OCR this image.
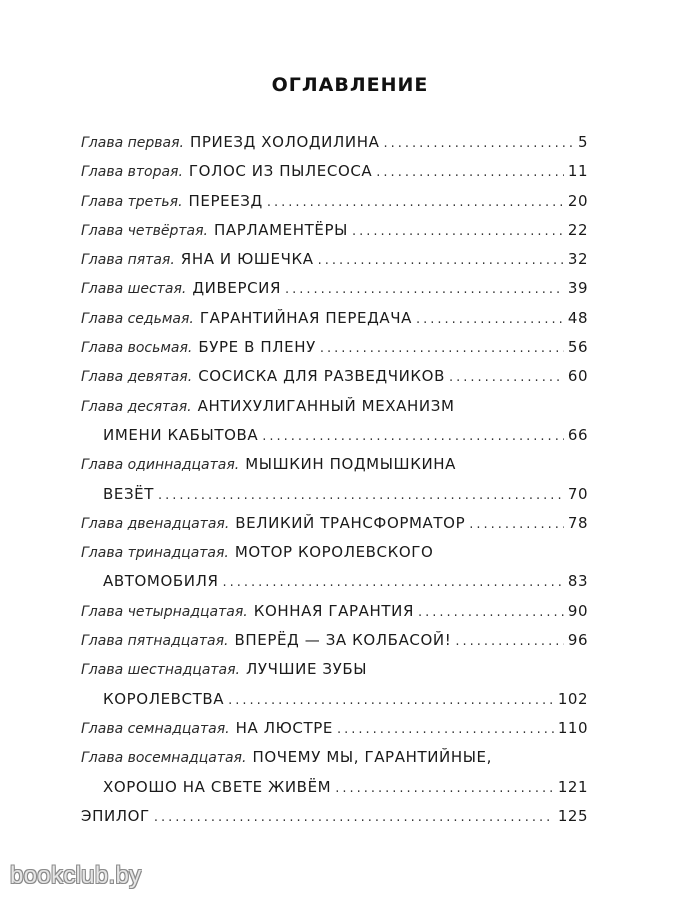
ОГЛАВЛЕНИЕ
Глава первая. ПРИЕЗД ХОЛОДИЛИНА .....	5
Глава вторая. ГОЛОС ИЗ ПЫЛЕСОСА .....	11
Глава третья. ПЕРЕЕЗД .....	20
Глава четвёртая. ПАРЛАМЕНТЁРЫ .....	22
Глава пятая. ЯНА И ЮШЕЧКА .....	32
Глава шестая. ДИВЕРСИЯ .....	39
Глава седьмая. ГАРАНТИЙНАЯ ПЕРЕДАЧА .....	48
Глава восьмая. БУРЕ В ПЛЕНУ .....	56
Глава девятая. СОСИСКА ДЛЯ РАЗВЕДЧИКОВ .....	60
Глава десятая. АНТИХУЛИГАННЫЙ МЕХАНИЗМ
ИМЕНИ КАБЫТОВА .....	66
Глава одиннадцатая. МЫШКИН ПОДМЫШКИНА
ВЕЗЁТ .....	70
Глава двенадцатая. ВЕЛИКИЙ ТРАНСФОРМАТОР .....	78
Глава тринадцатая. МОТОР КОРОЛЕВСКОГО
АВТОМОБИЛЯ .....	83
Глава четырнадцатая. КОННАЯ ГАРАНТИЯ .....	90
Глава пятнадцатая. ВПЕРЁД — ЗА КОЛБАСОЙ! .....	96
Глава шестнадцатая. ЛУЧШИЕ ЗУБЫ
КОРОЛЕВСТВА .....	102
Глава семнадцатая. НА ЛЮСТРЕ .....	110
Глава восемнадцатая. ПОЧЕМУ МЫ, ГАРАНТИЙНЫЕ,
ХОРОШО НА СВЕТЕ ЖИВЁМ .....	121
ЭПИЛОГ .....	125
bookclub.by
